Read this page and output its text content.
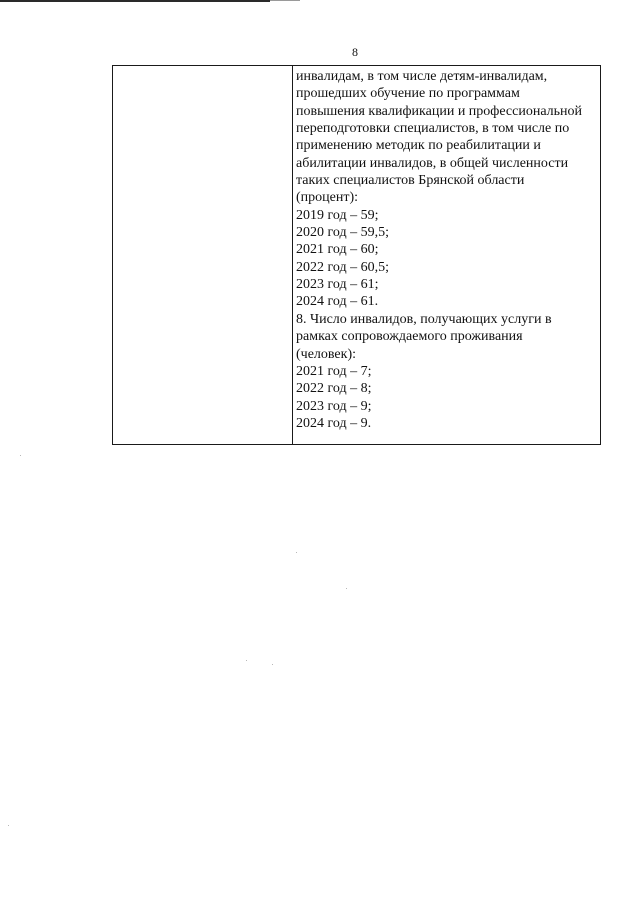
8
инвалидам, в том числе детям-инвалидам,
прошедших обучение по программам
повышения квалификации и профессиональной
переподготовки специалистов, в том числе по
применению методик по реабилитации и
абилитации инвалидов, в общей численности
таких специалистов Брянской области
(процент):
2019 год – 59;
2020 год – 59,5;
2021 год – 60;
2022 год – 60,5;
2023 год – 61;
2024 год – 61.
8. Число инвалидов, получающих услуги в
рамках сопровождаемого проживания
(человек):
2021 год – 7;
2022 год – 8;
2023 год – 9;
2024 год – 9.
